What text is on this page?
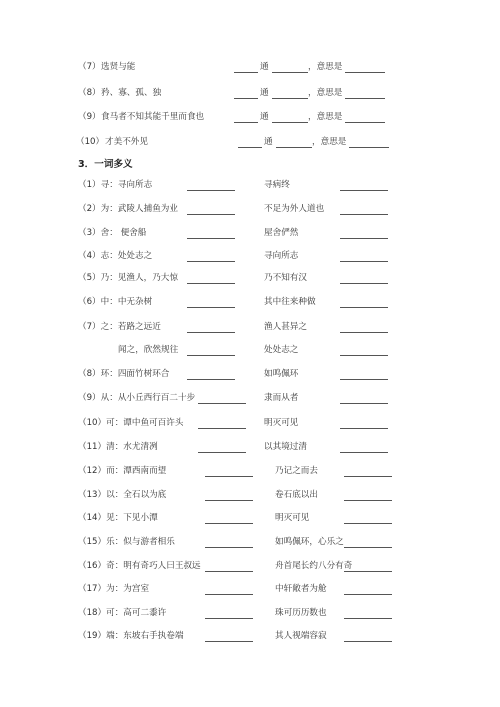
（7） 选贤与能	通	，意思是
（8） 矜、寡、孤、独	通	，意思是
（9） 食马者不知其能千里而食也	通	，意思是
（10） 才美不外见	通	，意思是
3．一词多义
（1）寻：寻向所志	寻病终
（2）为：武陵人捕鱼为业	不足为外人道也
（3）舍： 便舍船	屋舍俨然
（4）志：处处志之	寻向所志
（5）乃：见渔人，乃大惊	乃不知有汉
（6）中：中无杂树	其中往来种做
（7）之：若路之远近	渔人甚异之
闻之，欣然规往	处处志之
（8）环：四面竹树环合	如鸣佩环
（9）从：从小丘西行百二十步	隶而从者
（10）可：谭中鱼可百许头	明灭可见
（11）清：水尤清冽	以其境过清
（12）而：潭西南而望	乃记之而去
（13）以：全石以为底	卷石底以出
（14）见：下见小潭	明灭可见
（15）乐：似与游者相乐	如鸣佩环，心乐之
（16）奇：明有奇巧人曰王叔远	舟首尾长约八分有奇
（17）为：为宫室	中轩敞者为舱
（18）可：高可二黍许	珠可历历数也
（19）端：东坡右手执卷端	其人视端容寂
